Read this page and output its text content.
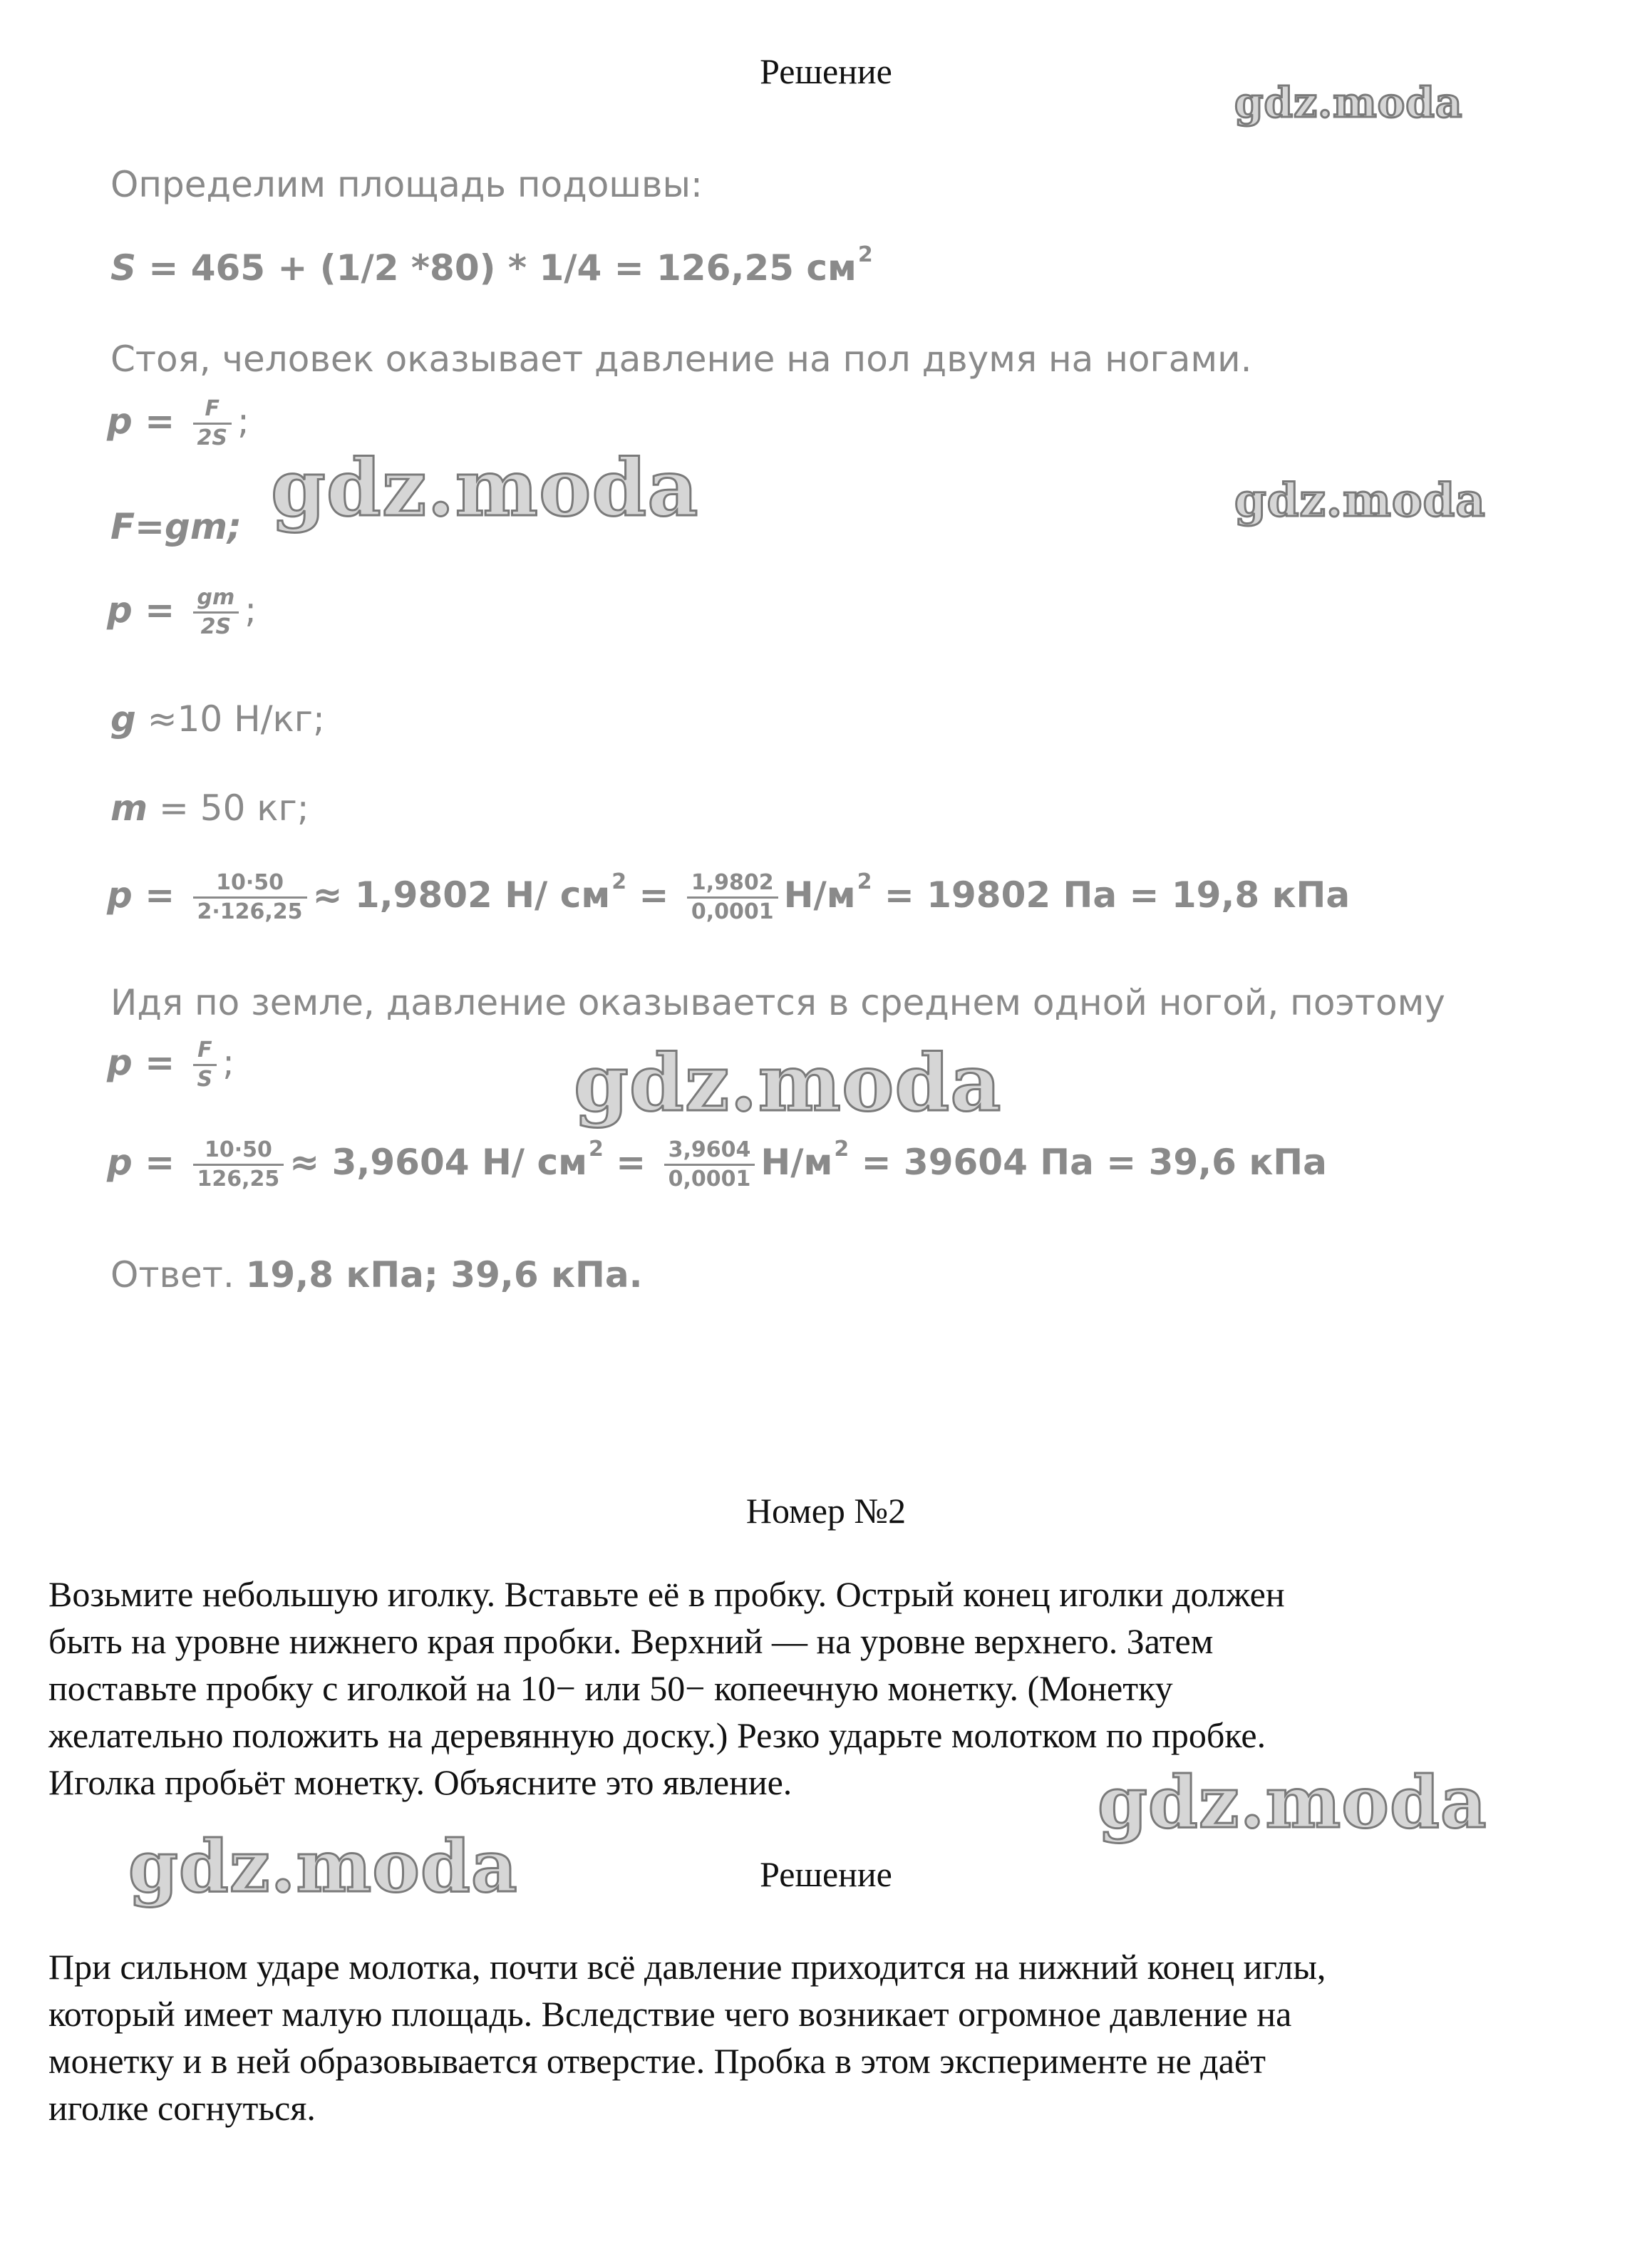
Решение
Определим площадь подошвы:
S = 465 + (1/2 *80) * 1/4 = 126,25 $см^2$
Стоя, человек оказывает давление на пол двумя на ногами.
$p = \frac{F}{2S}$ ;
F=gm;
$p = \frac{gm}{2S}$ ;
g ≈10 Н/кг;
m = 50 кг;
$p = \frac{10\cdot 50}{2\cdot 126,25} \approx 1,9802$ Н/ $см^2 = \frac{1,9802}{0,0001} Н/м^2 = 19802$ Па = 19,8 кПа
Идя по земле, давление оказывается в среднем одной ногой, поэтому
$p = \frac{F}{S}$ ;
$p = \frac{10\cdot 50}{126,25} \approx 3,9604$ Н/ $см^2 = \frac{3,9604}{0,0001} Н/м^2 = 39604$ Па = 39,6 кПа
Ответ. 19,8 кПа; 39,6 кПа.
Номер №2
Возьмите небольшую иголку. Вставьте её в пробку. Острый конец иголки должен
быть на уровне нижнего края пробки. Верхний — на уровне верхнего. Затем
поставьте пробку с иголкой на 10− или 50− копеечную монетку. (Монетку
желательно положить на деревянную доску.) Резко ударьте молотком по пробке.
Иголка пробьёт монетку. Объясните это явление.
Решение
При сильном ударе молотка, почти всё давление приходится на нижний конец иглы,
который имеет малую площадь. Вследствие чего возникает огромное давление на
монетку и в ней образовывается отверстие. Пробка в этом эксперименте не даёт
иголке согнуться.
gdz.moda
gdz.moda	gdz.moda
gdz.moda
gdz.moda
gdz.moda
